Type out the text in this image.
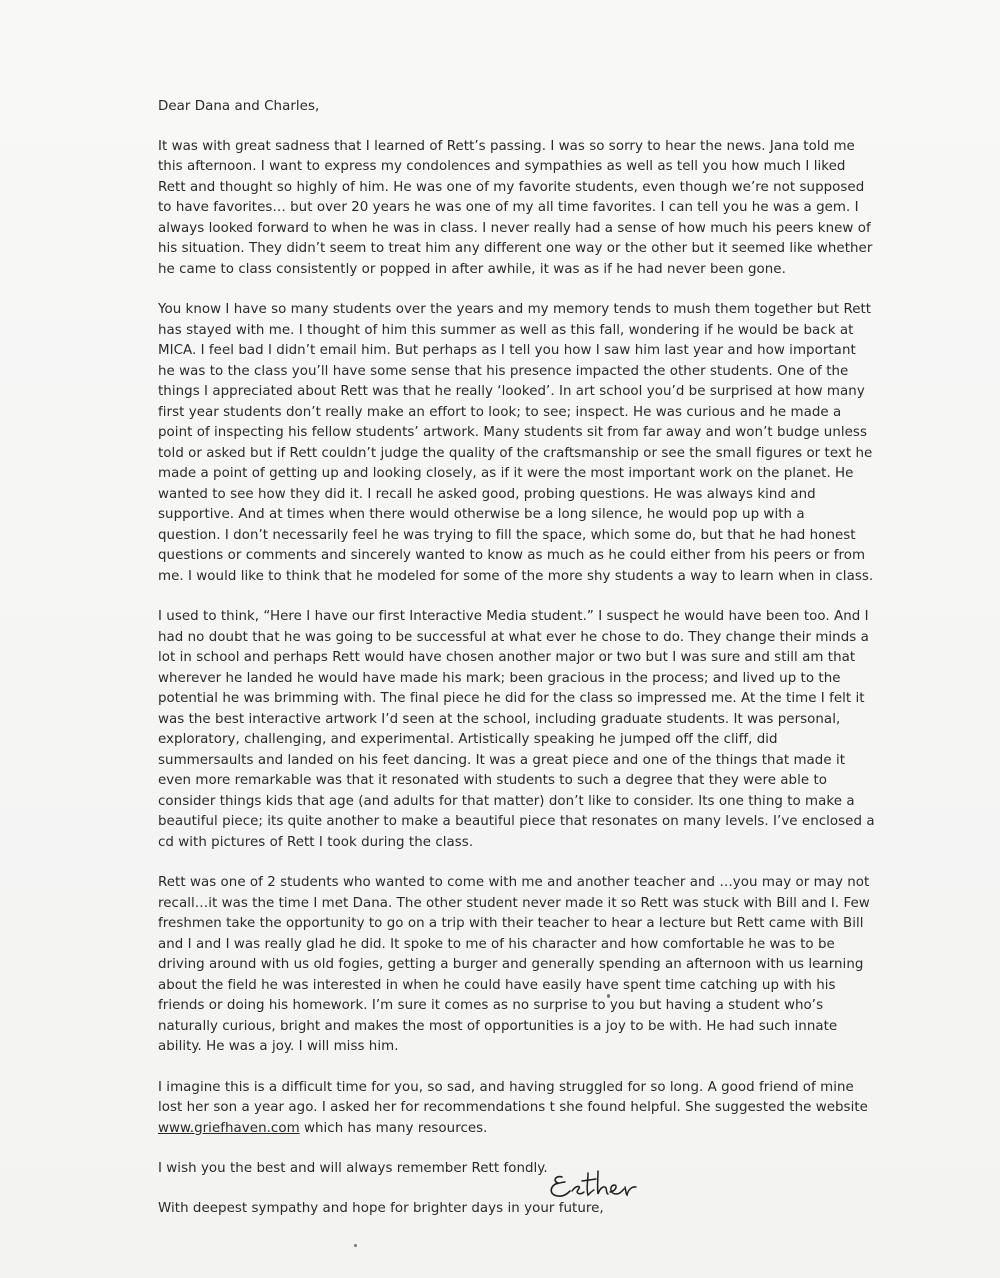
Dear Dana and Charles,
It was with great sadness that I learned of Rett’s passing. I was so sorry to hear the news. Jana told me
this afternoon. I want to express my condolences and sympathies as well as tell you how much I liked
Rett and thought so highly of him. He was one of my favorite students, even though we’re not supposed
to have favorites… but over 20 years he was one of my all time favorites. I can tell you he was a gem. I
always looked forward to when he was in class. I never really had a sense of how much his peers knew of
his situation. They didn’t seem to treat him any different one way or the other but it seemed like whether
he came to class consistently or popped in after awhile, it was as if he had never been gone.
You know I have so many students over the years and my memory tends to mush them together but Rett
has stayed with me. I thought of him this summer as well as this fall, wondering if he would be back at
MICA. I feel bad I didn’t email him. But perhaps as I tell you how I saw him last year and how important
he was to the class you’ll have some sense that his presence impacted the other students. One of the
things I appreciated about Rett was that he really ‘looked’. In art school you’d be surprised at how many
first year students don’t really make an effort to look; to see; inspect. He was curious and he made a
point of inspecting his fellow students’ artwork. Many students sit from far away and won’t budge unless
told or asked but if Rett couldn’t judge the quality of the craftsmanship or see the small figures or text he
made a point of getting up and looking closely, as if it were the most important work on the planet. He
wanted to see how they did it. I recall he asked good, probing questions. He was always kind and
supportive. And at times when there would otherwise be a long silence, he would pop up with a
question. I don’t necessarily feel he was trying to fill the space, which some do, but that he had honest
questions or comments and sincerely wanted to know as much as he could either from his peers or from
me. I would like to think that he modeled for some of the more shy students a way to learn when in class.
I used to think, “Here I have our first Interactive Media student.” I suspect he would have been too. And I
had no doubt that he was going to be successful at what ever he chose to do. They change their minds a
lot in school and perhaps Rett would have chosen another major or two but I was sure and still am that
wherever he landed he would have made his mark; been gracious in the process; and lived up to the
potential he was brimming with. The final piece he did for the class so impressed me. At the time I felt it
was the best interactive artwork I’d seen at the school, including graduate students. It was personal,
exploratory, challenging, and experimental. Artistically speaking he jumped off the cliff, did
summersaults and landed on his feet dancing. It was a great piece and one of the things that made it
even more remarkable was that it resonated with students to such a degree that they were able to
consider things kids that age (and adults for that matter) don’t like to consider. Its one thing to make a
beautiful piece; its quite another to make a beautiful piece that resonates on many levels. I’ve enclosed a
cd with pictures of Rett I took during the class.
Rett was one of 2 students who wanted to come with me and another teacher and …you may or may not
recall…it was the time I met Dana. The other student never made it so Rett was stuck with Bill and I. Few
freshmen take the opportunity to go on a trip with their teacher to hear a lecture but Rett came with Bill
and I and I was really glad he did. It spoke to me of his character and how comfortable he was to be
driving around with us old fogies, getting a burger and generally spending an afternoon with us learning
about the field he was interested in when he could have easily have spent time catching up with his
friends or doing his homework. I’m sure it comes as no surprise to you but having a student who’s
naturally curious, bright and makes the most of opportunities is a joy to be with. He had such innate
ability. He was a joy. I will miss him.
I imagine this is a difficult time for you, so sad, and having struggled for so long. A good friend of mine
lost her son a year ago. I asked her for recommendations t she found helpful. She suggested the website
www.griefhaven.com which has many resources.
I wish you the best and will always remember Rett fondly.
With deepest sympathy and hope for brighter days in your future,
